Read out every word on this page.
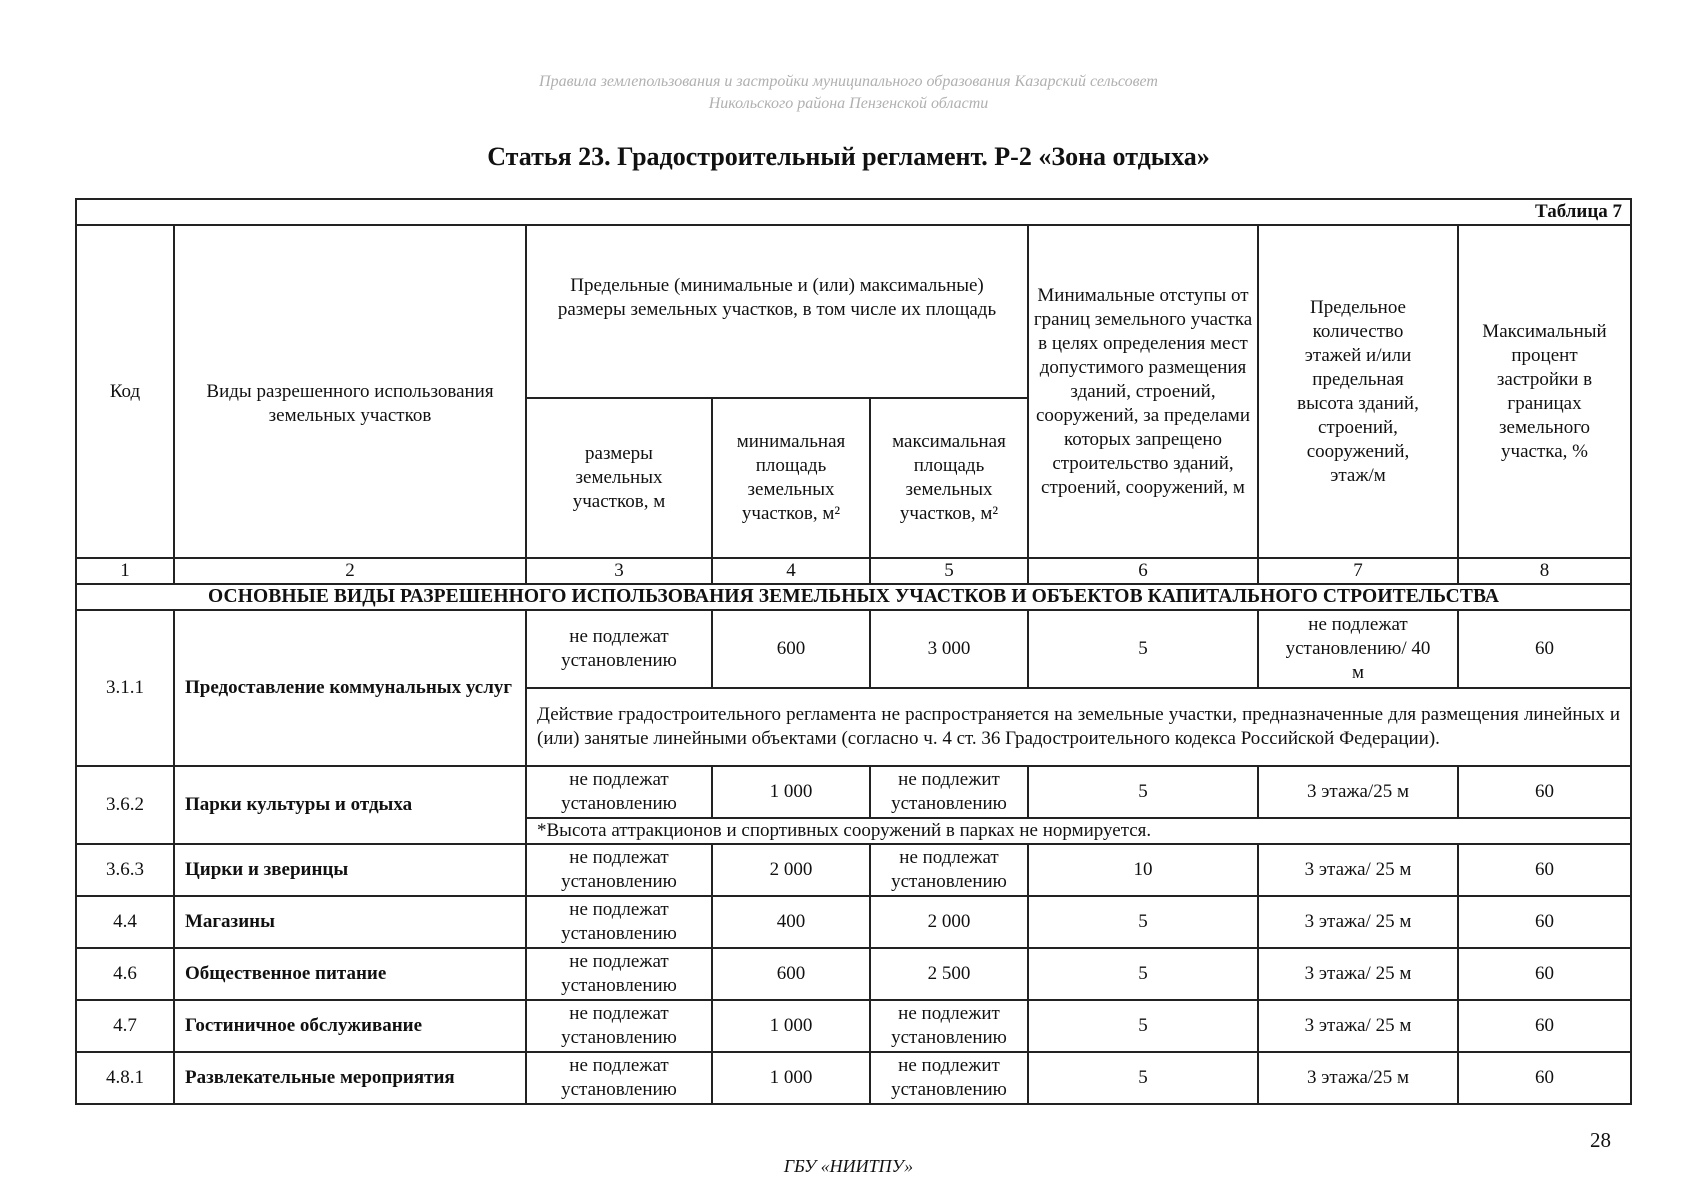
Правила землепользования и застройки муниципального образования Казарский сельсовет
Никольского района Пензенской области
Статья 23. Градостроительный регламент. Р-2 «Зона отдыха»
Таблица 7							
Код	Виды разрешенного использования земельных участков	Предельные (минимальные и (или) максимальные) размеры земельных участков, в том числе их площадь			Минимальные отступы от границ земельного участка в целях определения мест допустимого размещения зданий, строений, сооружений, за пределами которых запрещено строительство зданий, строений, сооружений, м	Предельное количество этажей и/или предельная высота зданий, строений, сооружений, этаж/м	Максимальный процент застройки в границах земельного участка, %
		размеры земельных участков, м	минимальная площадь земельных участков, м²	максимальная площадь земельных участков, м²			
1	2	3	4	5	6	7	8
ОСНОВНЫЕ ВИДЫ РАЗРЕШЕННОГО ИСПОЛЬЗОВАНИЯ ЗЕМЕЛЬНЫХ УЧАСТКОВ И ОБЪЕКТОВ КАПИТАЛЬНОГО СТРОИТЕЛЬСТВА							
3.1.1	Предоставление коммунальных услуг	не подлежат установлению	600	3 000	5	не подлежат установлению/ 40 м	60
		Действие градостроительного регламента не распространяется на земельные участки, предназначенные для размещения линейных и (или) занятые линейными объектами (согласно ч. 4 ст. 36 Градостроительного кодекса Российской Федерации).					
3.6.2	Парки культуры и отдыха	не подлежат установлению	1 000	не подлежит установлению	5	3 этажа/25 м	60
		*Высота аттракционов и спортивных сооружений в парках не нормируется.					
3.6.3	Цирки и зверинцы	не подлежат установлению	2 000	не подлежат установлению	10	3 этажа/ 25 м	60
4.4	Магазины	не подлежат установлению	400	2 000	5	3 этажа/ 25 м	60
4.6	Общественное питание	не подлежат установлению	600	2 500	5	3 этажа/ 25 м	60
4.7	Гостиничное обслуживание	не подлежат установлению	1 000	не подлежит установлению	5	3 этажа/ 25 м	60
4.8.1	Развлекательные мероприятия	не подлежат установлению	1 000	не подлежит установлению	5	3 этажа/25 м	60
28
ГБУ «НИИТПУ»
